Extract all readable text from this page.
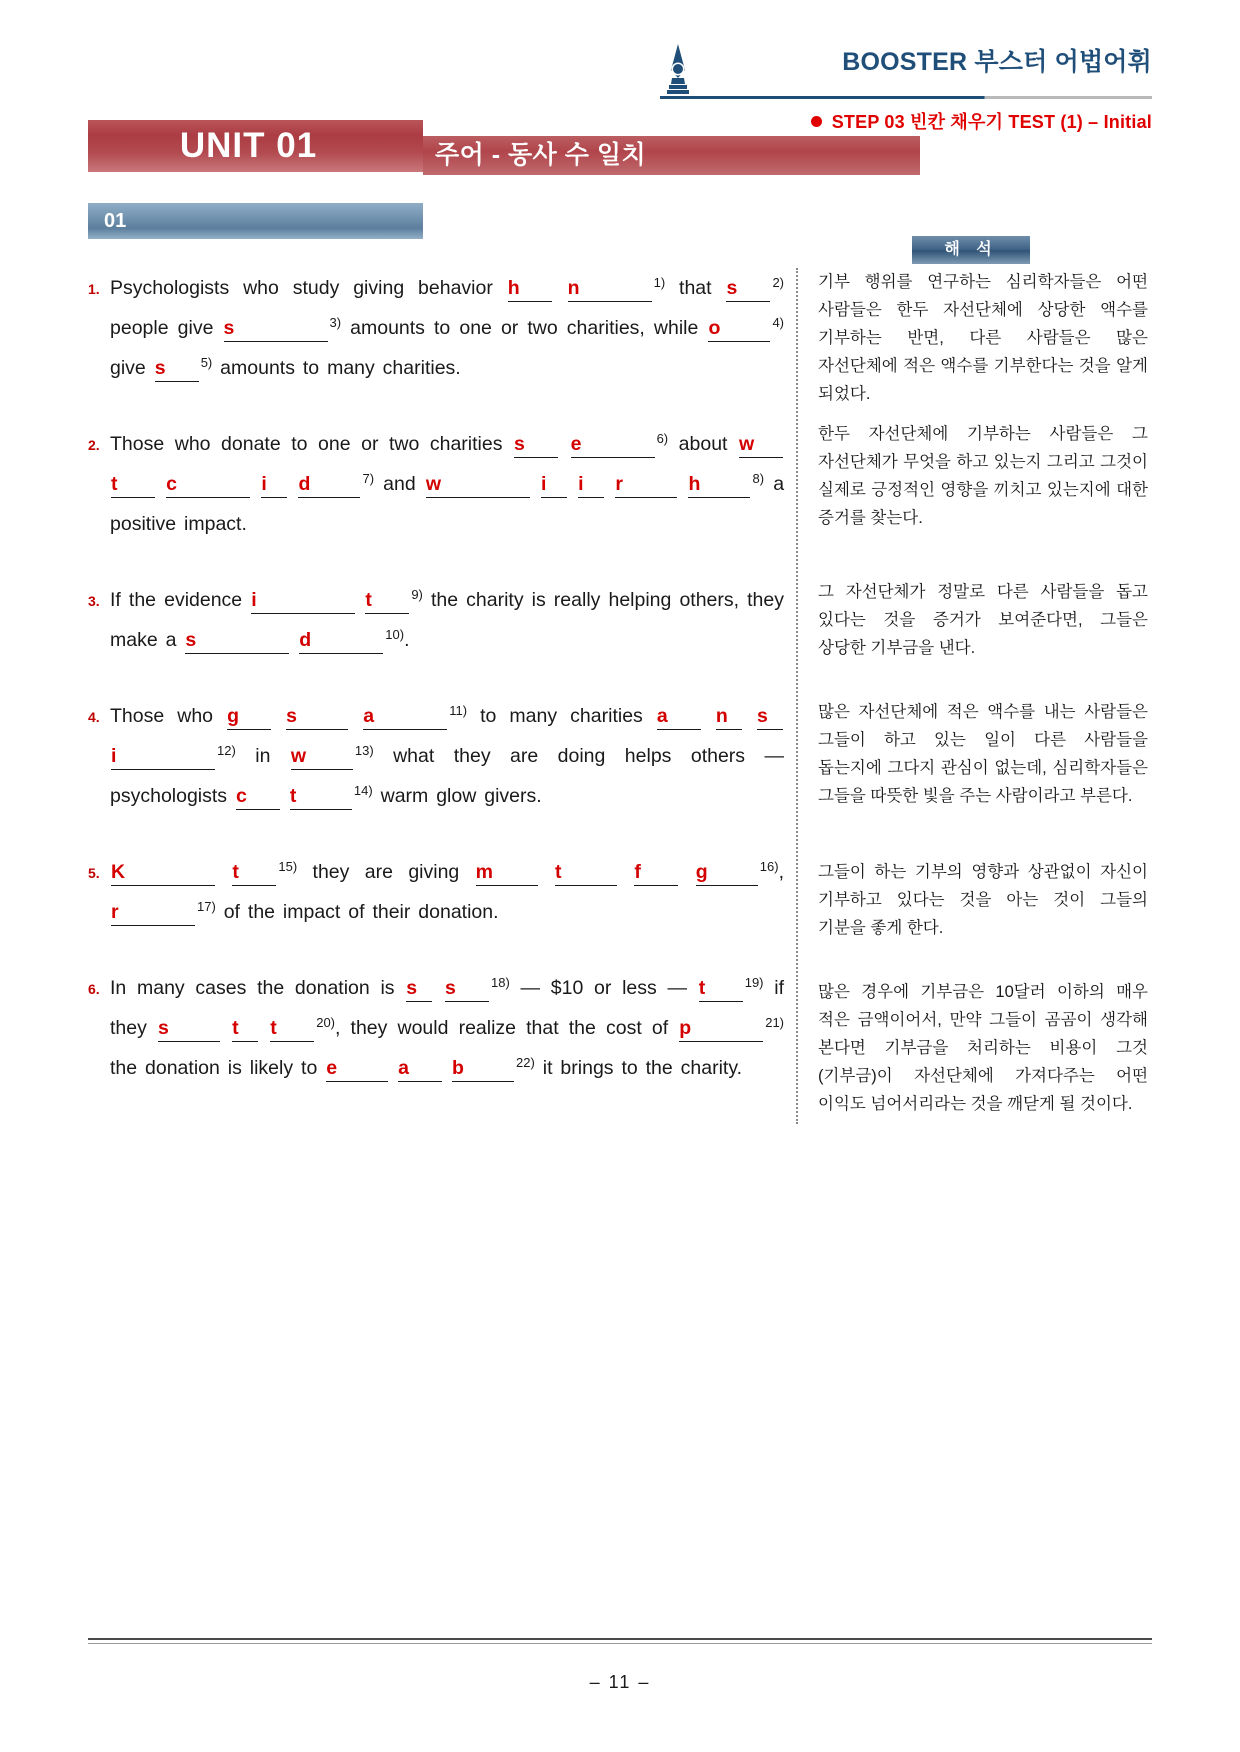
BOOSTER 부스터 어법어휘
STEP 03 빈칸 채우기 TEST (1) – Initial
UNIT 01	주어 - 동사 수 일치
01
해 석
1. Psychologists who study giving behavior h n	$^{1)}$ that s	$^{2)}$ people give s	$^{3)}$ amounts to one or two charities, while o	$^{4)}$ give s	$^{5)}$ amounts to many charities.
2. Those who donate to one or two charities s e	$^{6)}$ about w t c	i d	$^{7)}$ and w	i i r	h	$^{8)}$ a positive impact.
3. If the evidence i	t	$^{9)}$ the charity is really helping others, they make a s	d	$^{10)}$.
4. Those who g s	a	$^{11)}$ to many charities a n s i	$^{12)}$ in w	$^{13)}$ what they are doing helps others — psychologists c t	$^{14)}$ warm glow givers.
5. K	t	$^{15)}$ they are giving m	t	f	g	$^{16)}$, r	$^{17)}$ of the impact of their donation.
6. In many cases the donation is s s	$^{18)}$ — $10 or less — t	$^{19)}$ if they s	t t	$^{20)}$, they would realize that the cost of p	$^{21)}$ the donation is likely to e	a b	$^{22)}$ it brings to the charity.
기부 행위를 연구하는 심리학자들은 어떤 사람들은 한두 자선단체에 상당한 액수를 기부하는 반면, 다른 사람들은 많은 자선단체에 적은 액수를 기부한다는 것을 알게 되었다.
한두 자선단체에 기부하는 사람들은 그 자선단체가 무엇을 하고 있는지 그리고 그것이 실제로 긍정적인 영향을 끼치고 있는지에 대한 증거를 찾는다.
그 자선단체가 정말로 다른 사람들을 돕고 있다는 것을 증거가 보여준다면, 그들은 상당한 기부금을 낸다.
많은 자선단체에 적은 액수를 내는 사람들은 그들이 하고 있는 일이 다른 사람들을 돕는지에 그다지 관심이 없는데, 심리학자들은 그들을 따뜻한 빛을 주는 사람이라고 부른다.
그들이 하는 기부의 영향과 상관없이 자신이 기부하고 있다는 것을 아는 것이 그들의 기분을 좋게 한다.
많은 경우에 기부금은 10달러 이하의 매우 적은 금액이어서, 만약 그들이 곰곰이 생각해 본다면 기부금을 처리하는 비용이 그것(기부금)이 자선단체에 가져다주는 어떤 이익도 넘어서리라는 것을 깨닫게 될 것이다.
– 11 –
